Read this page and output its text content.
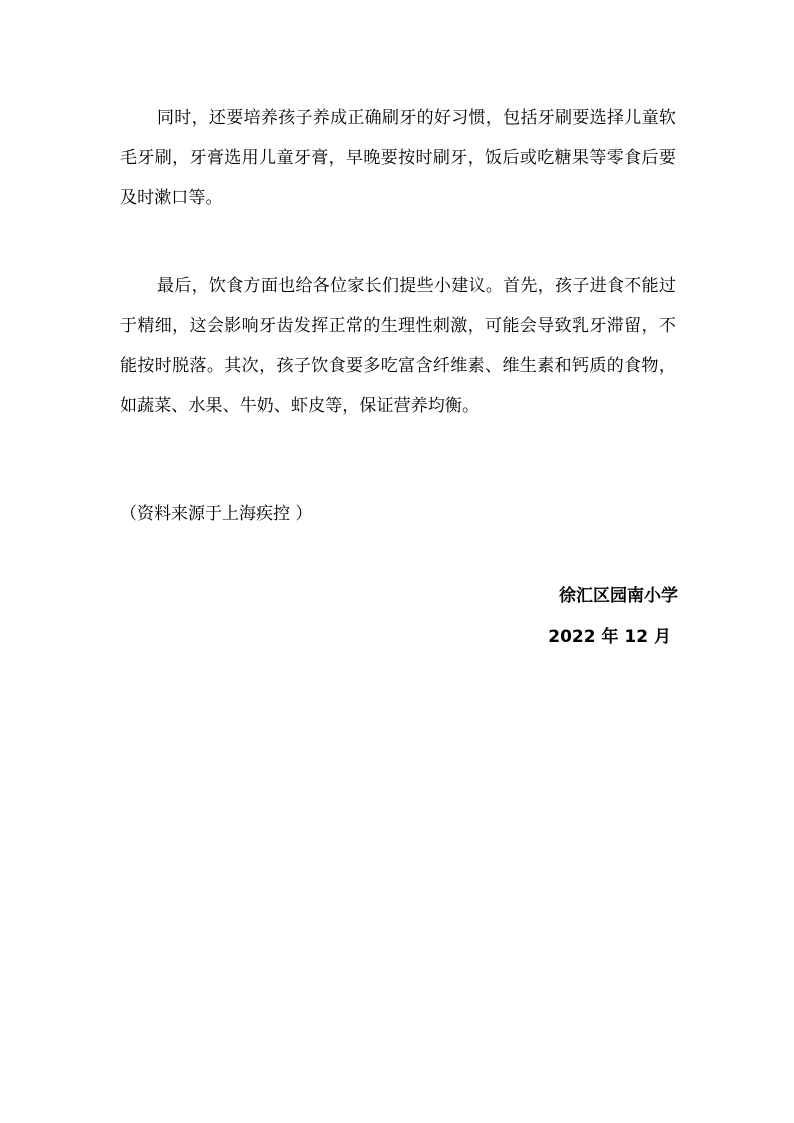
同时，还要培养孩子养成正确刷牙的好习惯，包括牙刷要选择儿童软毛牙刷，牙膏选用儿童牙膏，早晚要按时刷牙，饭后或吃糖果等零食后要及时漱口等。

最后，饮食方面也给各位家长们提些小建议。首先，孩子进食不能过于精细，这会影响牙齿发挥正常的生理性刺激，可能会导致乳牙滞留，不能按时脱落。其次，孩子饮食要多吃富含纤维素、维生素和钙质的食物，如蔬菜、水果、牛奶、虾皮等，保证营养均衡。

（资料来源于上海疾控 ）

徐汇区园南小学

2022 年 12 月
